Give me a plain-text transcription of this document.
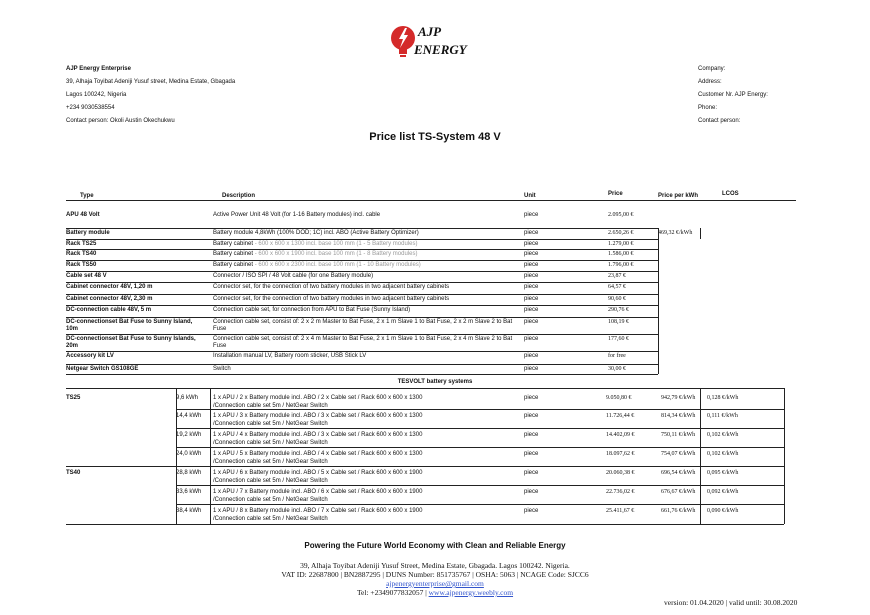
AJP
ENERGY
AJP Energy Enterprise
39, Alhaja Toyibat Adeniji Yusuf street, Medina Estate, Gbagada
Lagos 100242, Nigeria
+234 9030538554
Contact person: Okoli Austin Okechukwu
Company:
Address:
Customer Nr. AJP Energy:
Phone:
Contact person:
Price list TS-System 48 V
Type	Description	Unit	Price	Price per kWh	LCOS
APU 48 Volt	Active Power Unit 48 Volt (for 1-16 Battery modules) incl. cable	piece	2.095,00 €
Battery module	Battery module 4,8kWh (100% DOD; 1C) incl. ABO (Active Battery Optimizer)	piece	2.650,26 €	469,32 €/kWh
Rack TS25	Battery cabinet - 600 x 600 x 1300 incl. base 100 mm (1 - 5 Battery modules)	piece	1.279,00 €
Rack TS40	Battery cabinet - 600 x 600 x 1900 incl. base 100 mm (1 - 8 Battery modules)	piece	1.586,00 €
Rack TS50	Battery cabinet - 600 x 600 x 2300 incl. base 100 mm (1 - 10 Battery modules)	piece	1.796,00 €
Cable set 48 V	Connector / ISO SPI / 48 Volt cable (for one Battery module)	piece	23,87 €
Cabinet connector 48V, 1,20 m	Connector set, for the connection of two battery modules in two adjacent battery cabinets	piece	64,57 €
Cabinet connector 48V, 2,30 m	Connector set, for the connection of two battery modules in two adjacent battery cabinets	piece	90,60 €
DC-connection cable 48V, 5 m	Connection cable set, for connection from APU to Bat Fuse (Sunny Island)	piece	290,76 €
DC-connectionset Bat Fuse to Sunny Island, 10m
Connection cable set, consist of: 2 x 2 m Master to Bat Fuse, 2 x 1 m Slave 1 to Bat Fuse, 2 x 2 m Slave 2 to Bat Fuse
piece	108,19 €
DC-connectionset Bat Fuse to Sunny Islands, 20m
Connection cable set, consist of: 2 x 4 m Master to Bat Fuse, 2 x 1 m Slave 1 to Bat Fuse, 2 x 4 m Slave 2 to Bat Fuse
piece	177,60 €
Accessory kit LV	Installation manual LV, Battery room sticker, USB Stick LV	piece	for free
Netgear Switch GS108GE	Switch	piece	30,00 €
TESVOLT battery systems
TS25	9,6 kWh 1 x APU / 2 x Battery module incl. ABO / 2 x Cable set / Rack 600 x 600 x 1300 /Connection cable set 5m / NetGear Switch
piece	9.050,80 €	942,79 €/kWh 0,128 €/kWh
14,4 kWh 1 x APU / 3 x Battery module incl. ABO / 3 x Cable set / Rack 600 x 600 x 1300 /Connection cable set 5m / NetGear Switch
piece	11.726,44 €	814,34 €/kWh 0,111 €/kWh
19,2 kWh 1 x APU / 4 x Battery module incl. ABO / 3 x Cable set / Rack 600 x 600 x 1300 /Connection cable set 5m / NetGear Switch
piece	14.402,09 €	750,11 €/kWh 0,102 €/kWh
24,0 kWh 1 x APU / 5 x Battery module incl. ABO / 4 x Cable set / Rack 600 x 600 x 1300 /Connection cable set 5m / NetGear Switch
piece	18.097,62 €	754,07 €/kWh 0,102 €/kWh
TS40	28,8 kWh 1 x APU / 6 x Battery module incl. ABO / 5 x Cable set / Rack 600 x 600 x 1900 /Connection cable set 5m / NetGear Switch
piece	20.060,38 €	696,54 €/kWh 0,095 €/kWh
33,6 kWh 1 x APU / 7 x Battery module incl. ABO / 6 x Cable set / Rack 600 x 600 x 1900 /Connection cable set 5m / NetGear Switch
piece	22.736,02 €	676,67 €/kWh 0,092 €/kWh
38,4 kWh 1 x APU / 8 x Battery module incl. ABO / 7 x Cable set / Rack 600 x 600 x 1900 /Connection cable set 5m / NetGear Switch
piece	25.411,67 €	661,76 €/kWh 0,090 €/kWh
Powering the Future World Economy with Clean and Reliable Energy
39, Alhaja Toyibat Adeniji Yusuf Street, Medina Estate, Gbagada. Lagos 100242. Nigeria.
VAT ID: 22687800 | BN2887295 | DUNS Number: 851735767 | OSHA: 5063 | NCAGE Code: SJCC6
ajpenergyenterprise@gmail.com
Tel: +2349077832057 | www.ajpenergy.weebly.com
version: 01.04.2020 | valid until: 30.08.2020
